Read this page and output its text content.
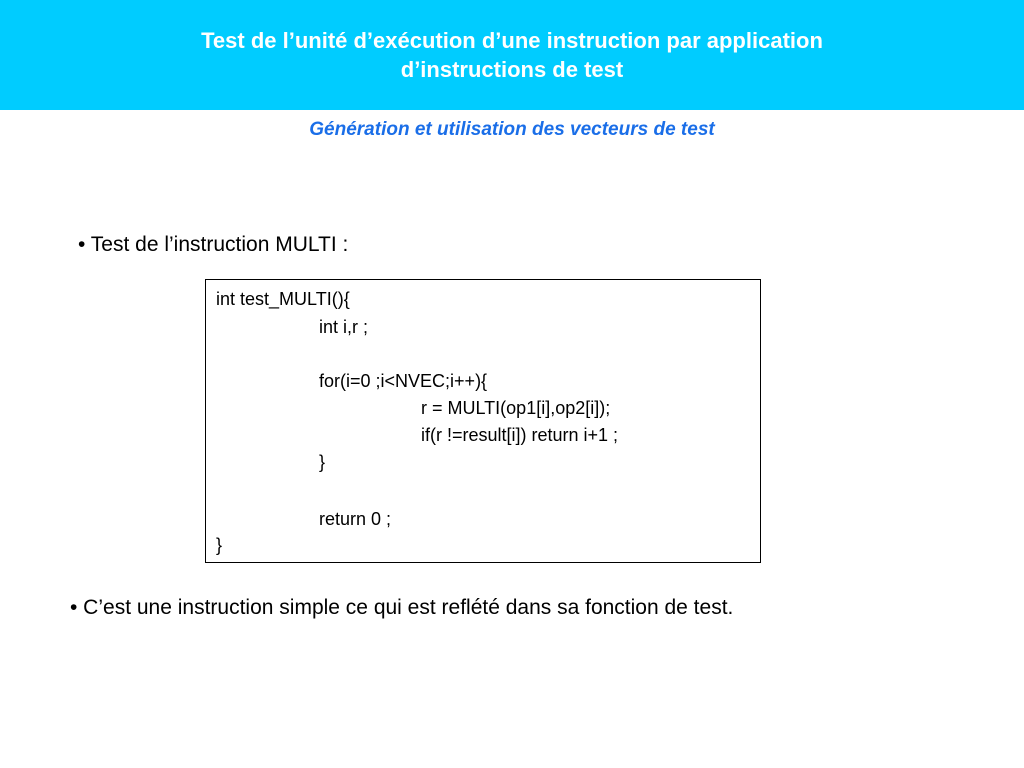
Test de l’unité d’exécution d’une instruction par application
d’instructions de test
Génération et utilisation des vecteurs de test
• Test de l’instruction MULTI :
int test_MULTI(){
int i,r ;
for(i=0 ;i<NVEC;i++){
r = MULTI(op1[i],op2[i]);
if(r !=result[i]) return i+1 ;
}
return 0 ;
}
• C’est une instruction simple ce qui est reflété dans sa fonction de test.
